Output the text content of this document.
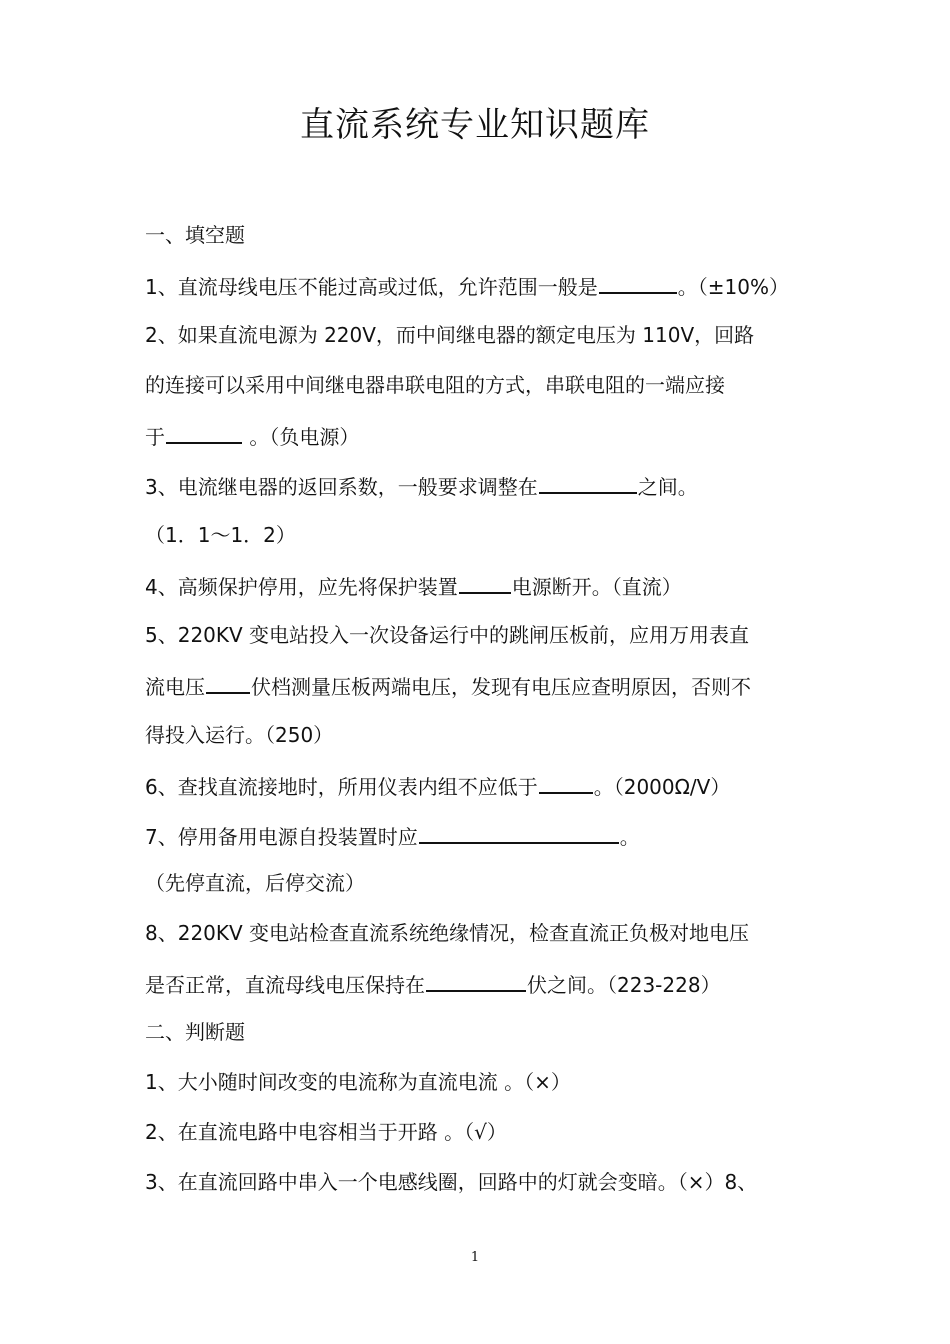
直流系统专业知识题库
一、填空题
1、直流母线电压不能过高或过低，允许范围一般是	。（±10%）
2、如果直流电源为 220V，而中间继电器的额定电压为 110V，回路
的连接可以采用中间继电器串联电阻的方式，串联电阻的一端应接
于	。（负电源）
3、电流继电器的返回系数，一般要求调整在	之间。
（1．1～1．2）
4、高频保护停用，应先将保护装置	电源断开。（直流）
5、220KV 变电站投入一次设备运行中的跳闸压板前，应用万用表直
流电压 伏档测量压板两端电压，发现有电压应查明原因，否则不
得投入运行。（250）
6、查找直流接地时，所用仪表内组不应低于	。（2000Ω/V）
7、停用备用电源自投装置时应	。
（先停直流，后停交流）
8、220KV 变电站检查直流系统绝缘情况，检查直流正负极对地电压
是否正常，直流母线电压保持在	伏之间。（223-228）
二、判断题
1、大小随时间改变的电流称为直流电流 。（×）
2、在直流电路中电容相当于开路 。（√）
3、在直流回路中串入一个电感线圈，回路中的灯就会变暗。（×）8、
1
